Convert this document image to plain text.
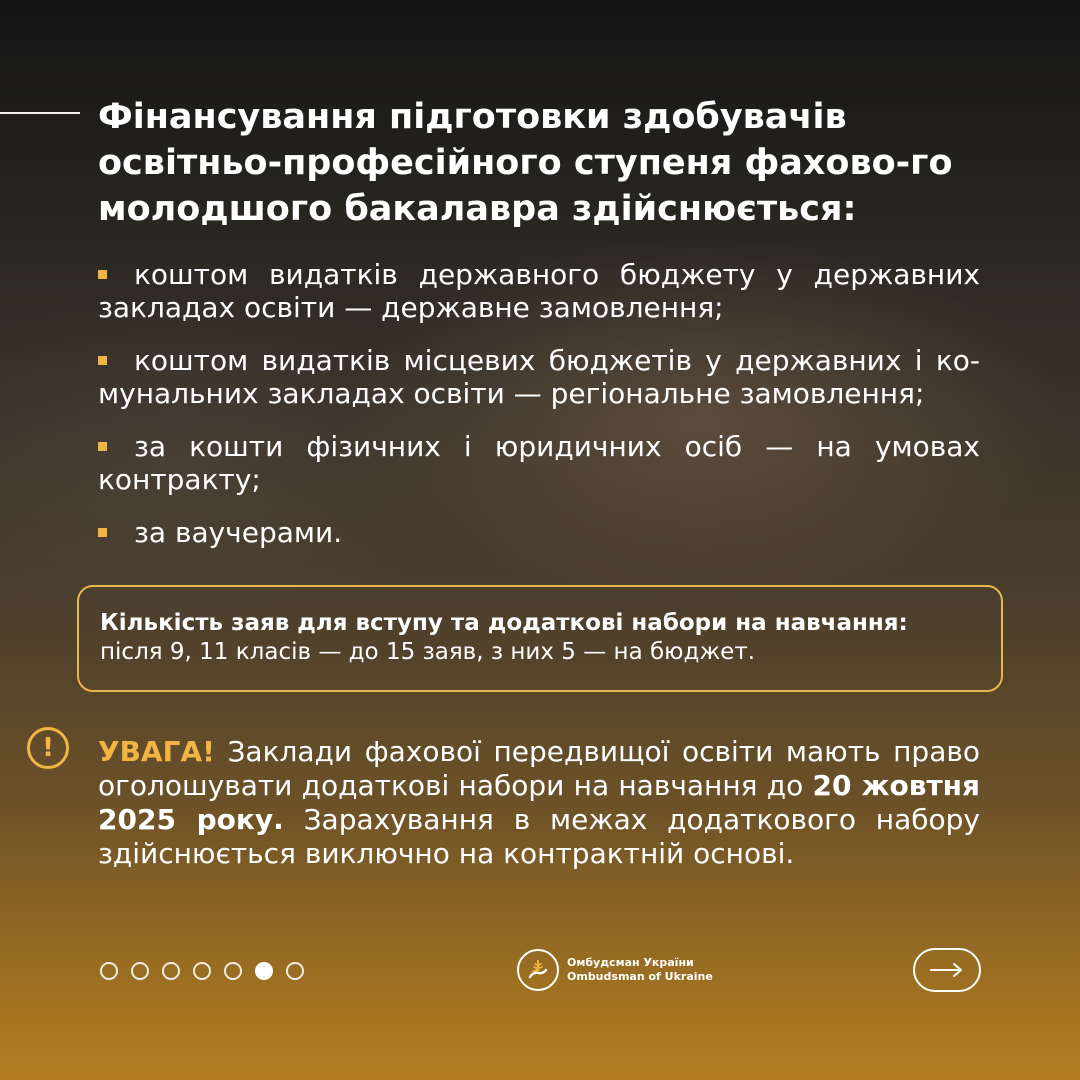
Фінансування підготовки здобувачів освітньо-професійного ступеня фахово-го молодшого бакалавра здійснюється:
коштом видатків державного бюджету у державних закладах освіти — державне замовлення;
коштом видатків місцевих бюджетів у державних і ко-мунальних закладах освіти — регіональне замовлення;
за кошти фізичних і юридичних осіб — на умовах контракту;
за ваучерами.
Кількість заяв для вступу та додаткові набори на навчання:
після 9, 11 класів — до 15 заяв, з них 5 — на бюджет.
!	УВАГА! Заклади фахової передвищої освіти мають право оголошувати додаткові набори на навчання до 20 жовтня 2025 року. Зарахування в межах додаткового набору здійснюється виключно на контрактній основі.

Омбудсман України
Ombudsman of Ukraine
